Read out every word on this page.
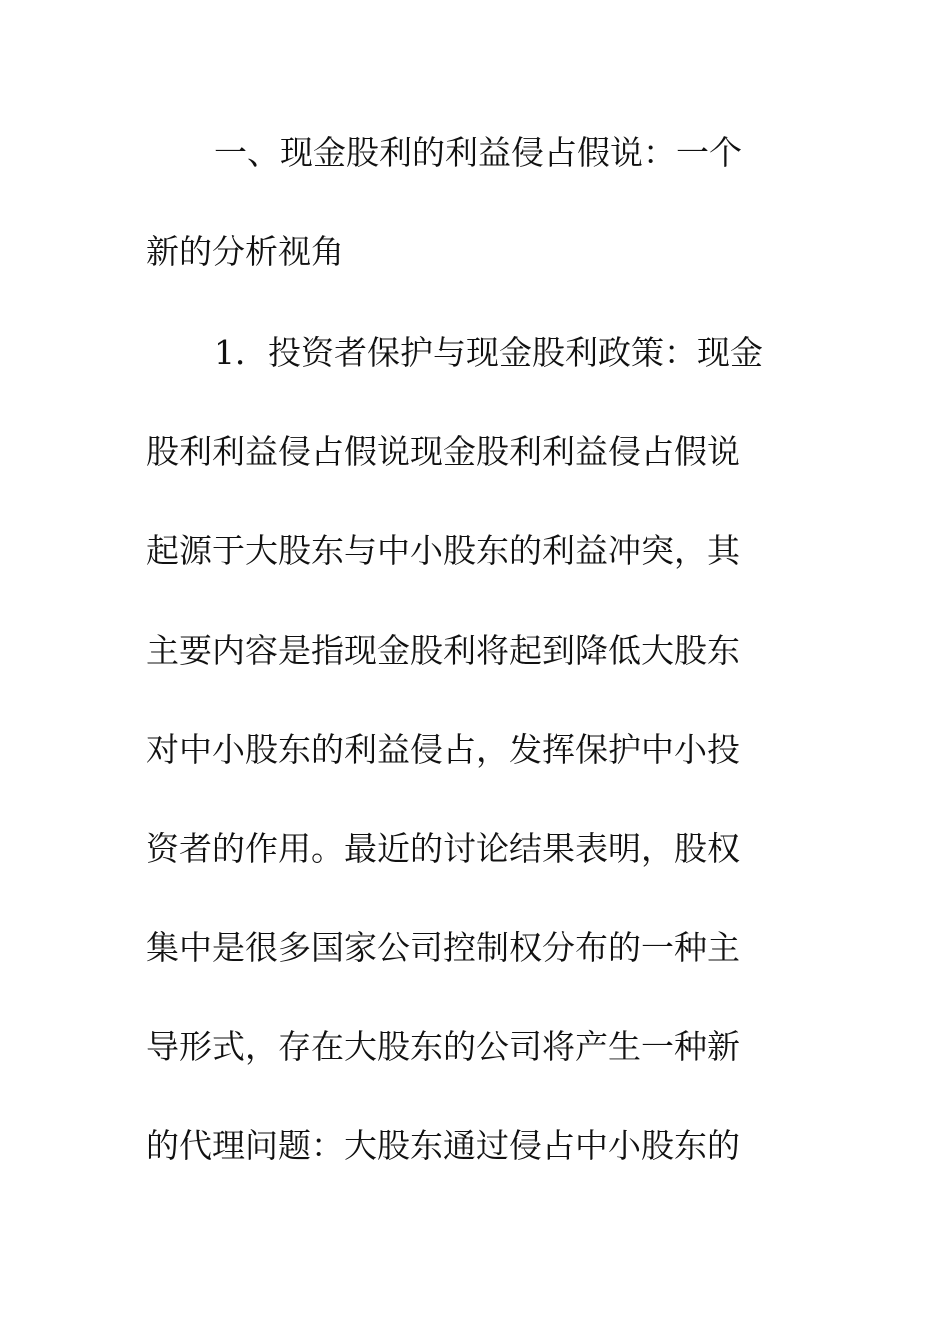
一、现金股利的利益侵占假说：一个
新的分析视角
1．投资者保护与现金股利政策：现金
股利利益侵占假说现金股利利益侵占假说
起源于大股东与中小股东的利益冲突，其
主要内容是指现金股利将起到降低大股东
对中小股东的利益侵占，发挥保护中小投
资者的作用。最近的讨论结果表明，股权
集中是很多国家公司控制权分布的一种主
导形式，存在大股东的公司将产生一种新
的代理问题：大股东通过侵占中小股东的
